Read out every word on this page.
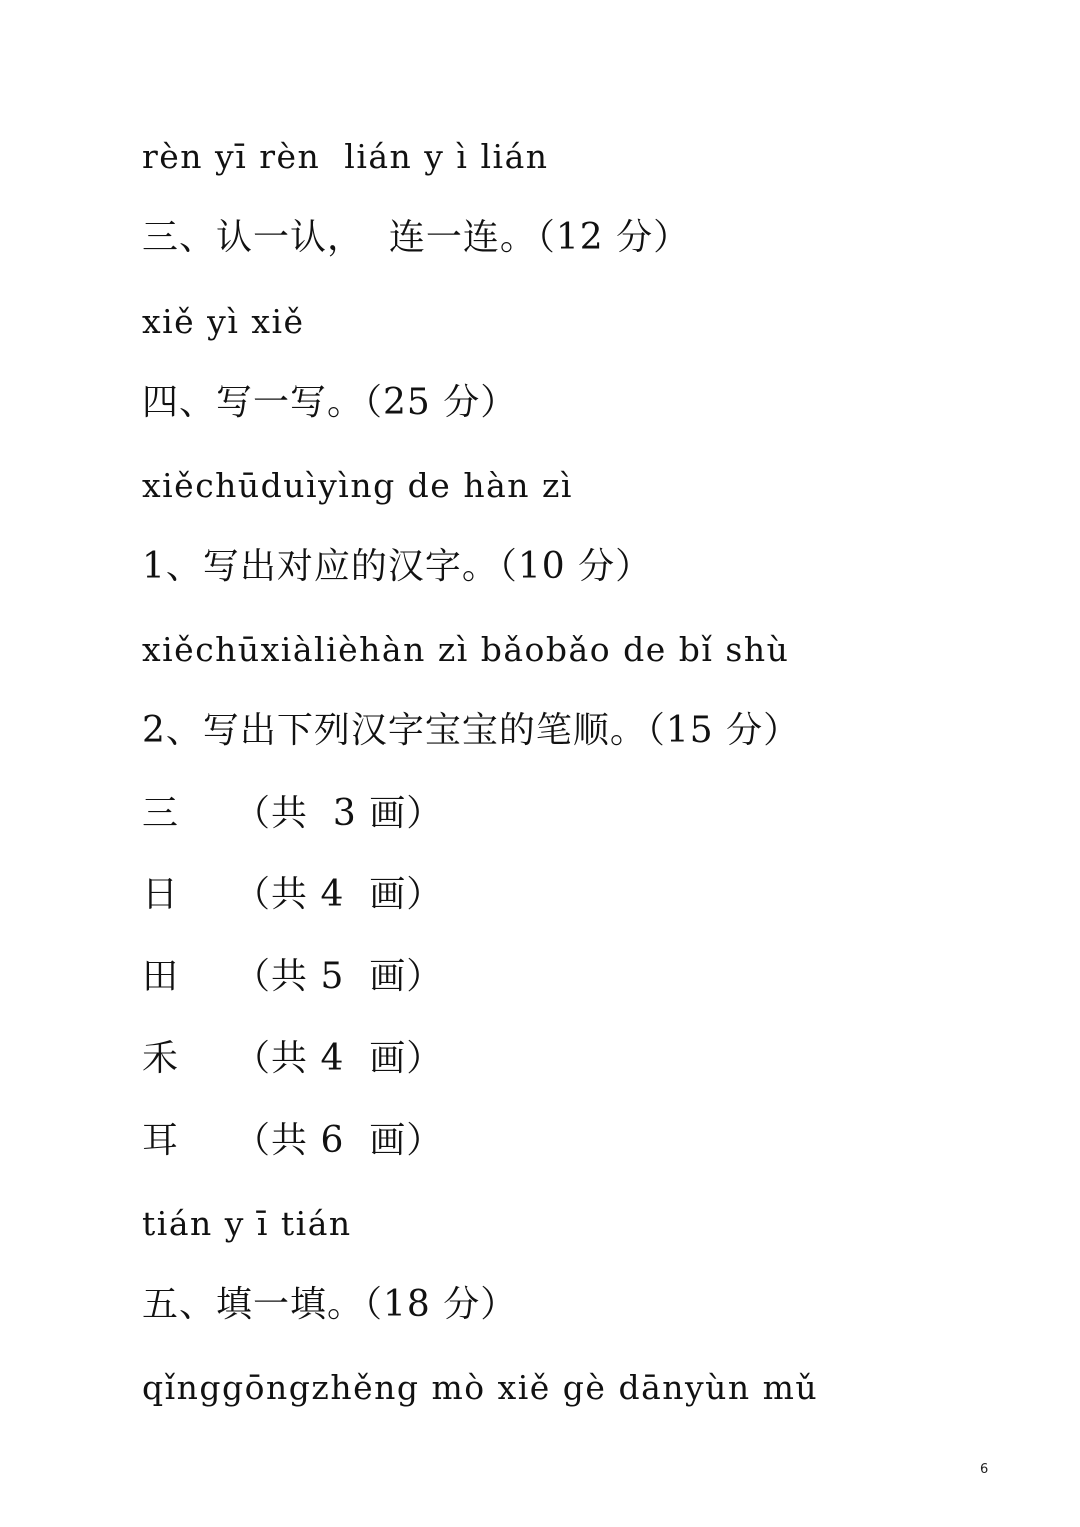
rèn yī rèn  lián y ì lián
三、认一认，  连一连。（12 分）
xiě yì xiě
四、写一写。（25 分）
xiěchūduìyìng de hàn zì
1、写出对应的汉字。（10 分）
xiěchūxiàlièhàn zì bǎobǎo de bǐ shù
2、写出下列汉字宝宝的笔顺。（15 分）
三 （共  3 画）
日 （共 4  画）
田 （共 5  画）
禾 （共 4  画）
耳 （共 6  画）
tián y ī tián
五、填一填。（18 分）
qǐnggōngzhěng mò xiě gè dānyùn mǔ
6
